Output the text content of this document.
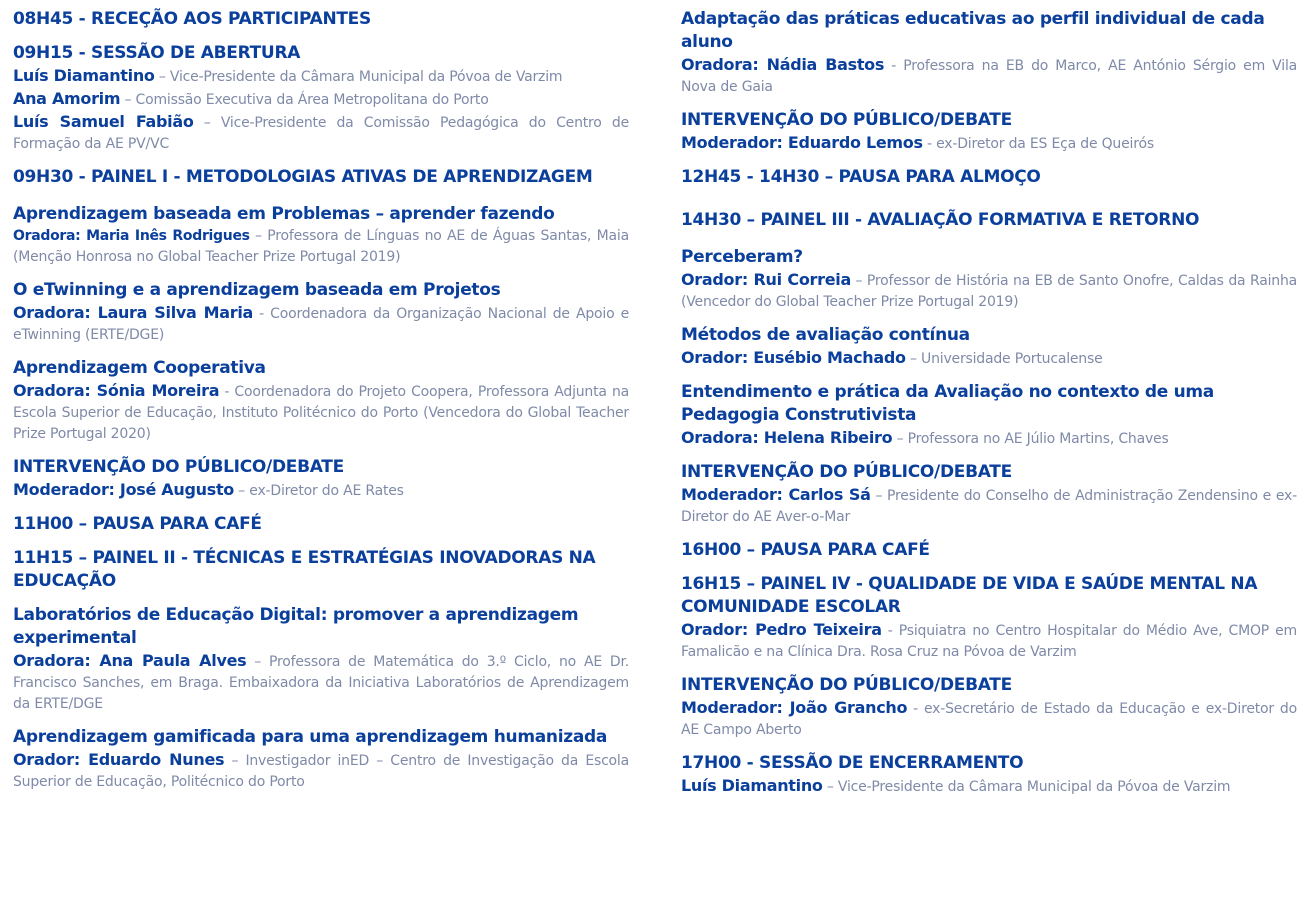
08H45 - RECEÇÃO AOS PARTICIPANTES
09H15 - SESSÃO DE ABERTURA
Luís Diamantino – Vice-Presidente da Câmara Municipal da Póvoa de Varzim
Ana Amorim – Comissão Executiva da Área Metropolitana do Porto
Luís Samuel Fabião – Vice-Presidente da Comissão Pedagógica do Centro de Formação da AE PV/VC
09H30 - PAINEL I - METODOLOGIAS ATIVAS DE APRENDIZAGEM
Aprendizagem baseada em Problemas – aprender fazendo
Oradora: Maria Inês Rodrigues – Professora de Línguas no AE de Águas Santas, Maia (Menção Honrosa no Global Teacher Prize Portugal 2019)
O eTwinning e a aprendizagem baseada em Projetos
Oradora: Laura Silva Maria - Coordenadora da Organização Nacional de Apoio e eTwinning (ERTE/DGE)
Aprendizagem Cooperativa
Oradora: Sónia Moreira - Coordenadora do Projeto Coopera, Professora Adjunta na Escola Superior de Educação, Instituto Politécnico do Porto (Vencedora do Global Teacher Prize Portugal 2020)
INTERVENÇÃO DO PÚBLICO/DEBATE
Moderador: José Augusto – ex-Diretor do AE Rates
11H00 – PAUSA PARA CAFÉ
11H15 – PAINEL II - TÉCNICAS E ESTRATÉGIAS INOVADORAS NA EDUCAÇÃO
Laboratórios de Educação Digital: promover a aprendizagem experimental
Oradora: Ana Paula Alves – Professora de Matemática do 3.º Ciclo, no AE Dr. Francisco Sanches, em Braga. Embaixadora da Iniciativa Laboratórios de Aprendizagem da ERTE/DGE
Aprendizagem gamificada para uma aprendizagem humanizada
Orador: Eduardo Nunes – Investigador inED – Centro de Investigação da Escola Superior de Educação, Politécnico do Porto
Adaptação das práticas educativas ao perfil individual de cada aluno
Oradora: Nádia Bastos - Professora na EB do Marco, AE António Sérgio em Vila Nova de Gaia
INTERVENÇÃO DO PÚBLICO/DEBATE
Moderador: Eduardo Lemos - ex-Diretor da ES Eça de Queirós
12H45 - 14H30 – PAUSA PARA ALMOÇO
14H30 – PAINEL III - AVALIAÇÃO FORMATIVA E RETORNO
Perceberam?
Orador: Rui Correia – Professor de História na EB de Santo Onofre, Caldas da Rainha (Vencedor do Global Teacher Prize Portugal 2019)
Métodos de avaliação contínua
Orador: Eusébio Machado – Universidade Portucalense
Entendimento e prática da Avaliação no contexto de uma Pedagogia Construtivista
Oradora: Helena Ribeiro – Professora no AE Júlio Martins, Chaves
INTERVENÇÃO DO PÚBLICO/DEBATE
Moderador: Carlos Sá – Presidente do Conselho de Administração Zendensino e ex-Diretor do AE Aver-o-Mar
16H00 – PAUSA PARA CAFÉ
16H15 – PAINEL IV - QUALIDADE DE VIDA E SAÚDE MENTAL NA COMUNIDADE ESCOLAR
Orador: Pedro Teixeira - Psiquiatra no Centro Hospitalar do Médio Ave, CMOP em Famalicão e na Clínica Dra. Rosa Cruz na Póvoa de Varzim
INTERVENÇÃO DO PÚBLICO/DEBATE
Moderador: João Grancho - ex-Secretário de Estado da Educação e ex-Diretor do AE Campo Aberto
17H00 - SESSÃO DE ENCERRAMENTO
Luís Diamantino – Vice-Presidente da Câmara Municipal da Póvoa de Varzim
